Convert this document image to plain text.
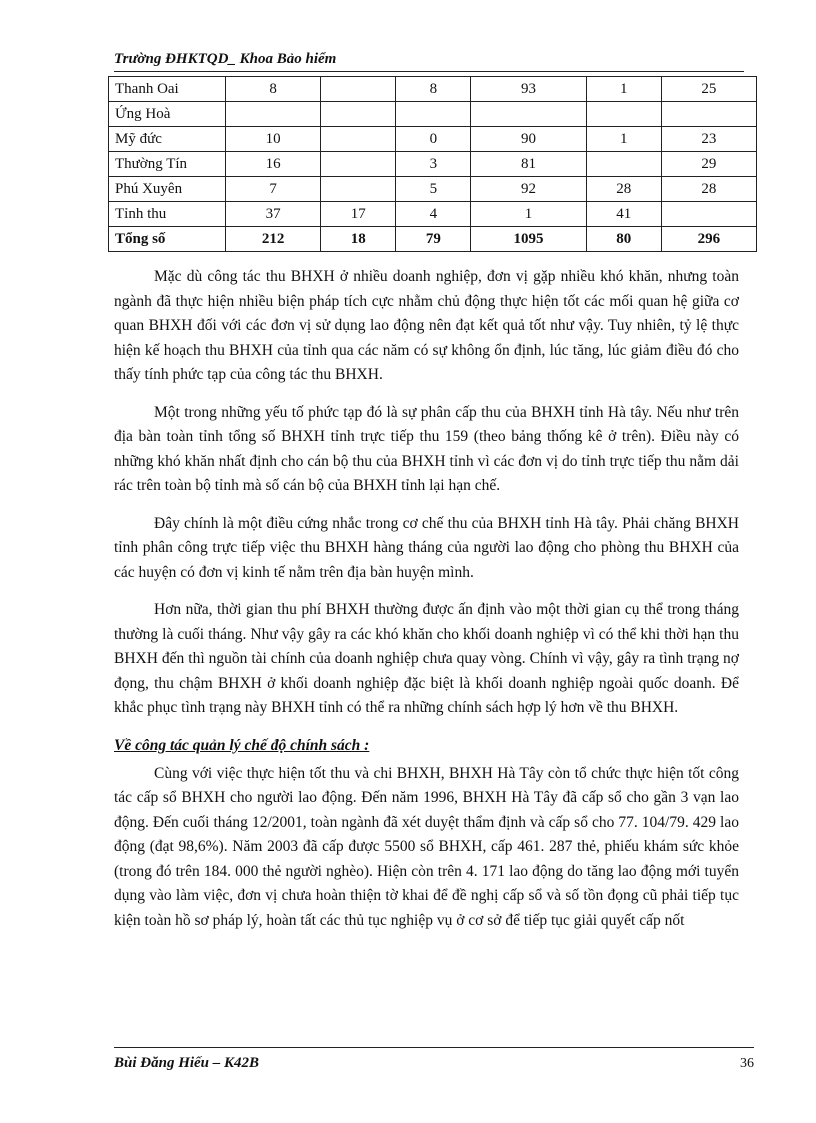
Trường ĐHKTQD_ Khoa Bảo hiểm
Thanh Oai	8		8	93	1	25
Ứng Hoà						
Mỹ đức	10		0	90	1	23
Thường Tín	16		3	81		29
Phú Xuyên	7		5	92	28	28
Tỉnh thu	37	17	4	1	41	
Tổng số	212	18	79	1095	80	296

Mặc dù công tác thu BHXH ở nhiều doanh nghiệp, đơn vị gặp nhiều khó khăn, nhưng toàn ngành đã thực hiện nhiều biện pháp tích cực nhằm chủ động thực hiện tốt các mối quan hệ giữa cơ quan BHXH đối với các đơn vị sử dụng lao động nên đạt kết quả tốt như vậy. Tuy nhiên, tỷ lệ thực hiện kế hoạch thu BHXH của tỉnh qua các năm có sự không ổn định, lúc tăng, lúc giảm điều đó cho thấy tính phức tạp của công tác thu BHXH.

Một trong những yếu tố phức tạp đó là sự phân cấp thu của BHXH tỉnh Hà tây. Nếu như trên địa bàn toàn tỉnh tổng số BHXH tỉnh trực tiếp thu 159 (theo bảng thống kê ở trên). Điều này có những khó khăn nhất định cho cán bộ thu của BHXH tỉnh vì các đơn vị do tỉnh trực tiếp thu nằm dải rác trên toàn bộ tỉnh mà số cán bộ của BHXH tỉnh lại hạn chế.

Đây chính là một điều cứng nhắc trong cơ chế thu của BHXH tỉnh Hà tây. Phải chăng BHXH tỉnh phân công trực tiếp việc thu BHXH hàng tháng của người lao động cho phòng thu BHXH của các huyện có đơn vị kinh tế nằm trên địa bàn huyện mình.

Hơn nữa, thời gian thu phí BHXH thường được ấn định vào một thời gian cụ thể trong tháng thường là cuối tháng. Như vậy gây ra các khó khăn cho khối doanh nghiệp vì có thể khi thời hạn thu BHXH đến thì nguồn tài chính của doanh nghiệp chưa quay vòng. Chính vì vậy, gây ra tình trạng nợ đọng, thu chậm BHXH ở khối doanh nghiệp đặc biệt là khối doanh nghiệp ngoài quốc doanh. Để khắc phục tình trạng này BHXH tỉnh có thể ra những chính sách hợp lý hơn về thu BHXH.

Về công tác quản lý chế độ chính sách :

Cùng với việc thực hiện tốt thu và chi BHXH, BHXH Hà Tây còn tổ chức thực hiện tốt công tác cấp sổ BHXH cho người lao động. Đến năm 1996, BHXH Hà Tây đã cấp sổ cho gần 3 vạn lao động. Đến cuối tháng 12/2001, toàn ngành đã xét duyệt thẩm định và cấp sổ cho 77. 104/79. 429 lao động (đạt 98,6%). Năm 2003 đã cấp được 5500 sổ BHXH, cấp 461. 287 thẻ, phiếu khám sức khỏe (trong đó trên 184. 000 thẻ người nghèo). Hiện còn trên 4. 171 lao động do tăng lao động mới tuyển dụng vào làm việc, đơn vị chưa hoàn thiện tờ khai để đề nghị cấp sổ và số tồn đọng cũ phải tiếp tục kiện toàn hồ sơ pháp lý, hoàn tất các thủ tục nghiệp vụ ở cơ sở để tiếp tục giải quyết cấp nốt

Bùi Đăng Hiếu – K42B	36
